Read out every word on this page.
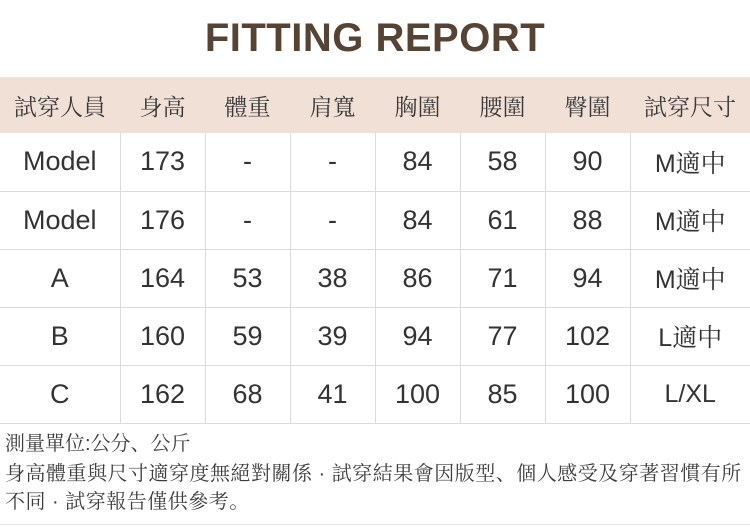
FITTING REPORT
試穿人員	身高	體重	肩寬	胸圍	腰圍	臀圍	試穿尺寸
Model	173	-	-	84	58	90	M適中
Model	176	-	-	84	61	88	M適中
A	164	53	38	86	71	94	M適中
B	160	59	39	94	77	102	L適中
C	162	68	41	100	85	100	L/XL
測量單位:公分、公斤
身高體重與尺寸適穿度無絕對關係 · 試穿結果會因版型、個人感受及穿著習慣有所不同 · 試穿報告僅供參考。
